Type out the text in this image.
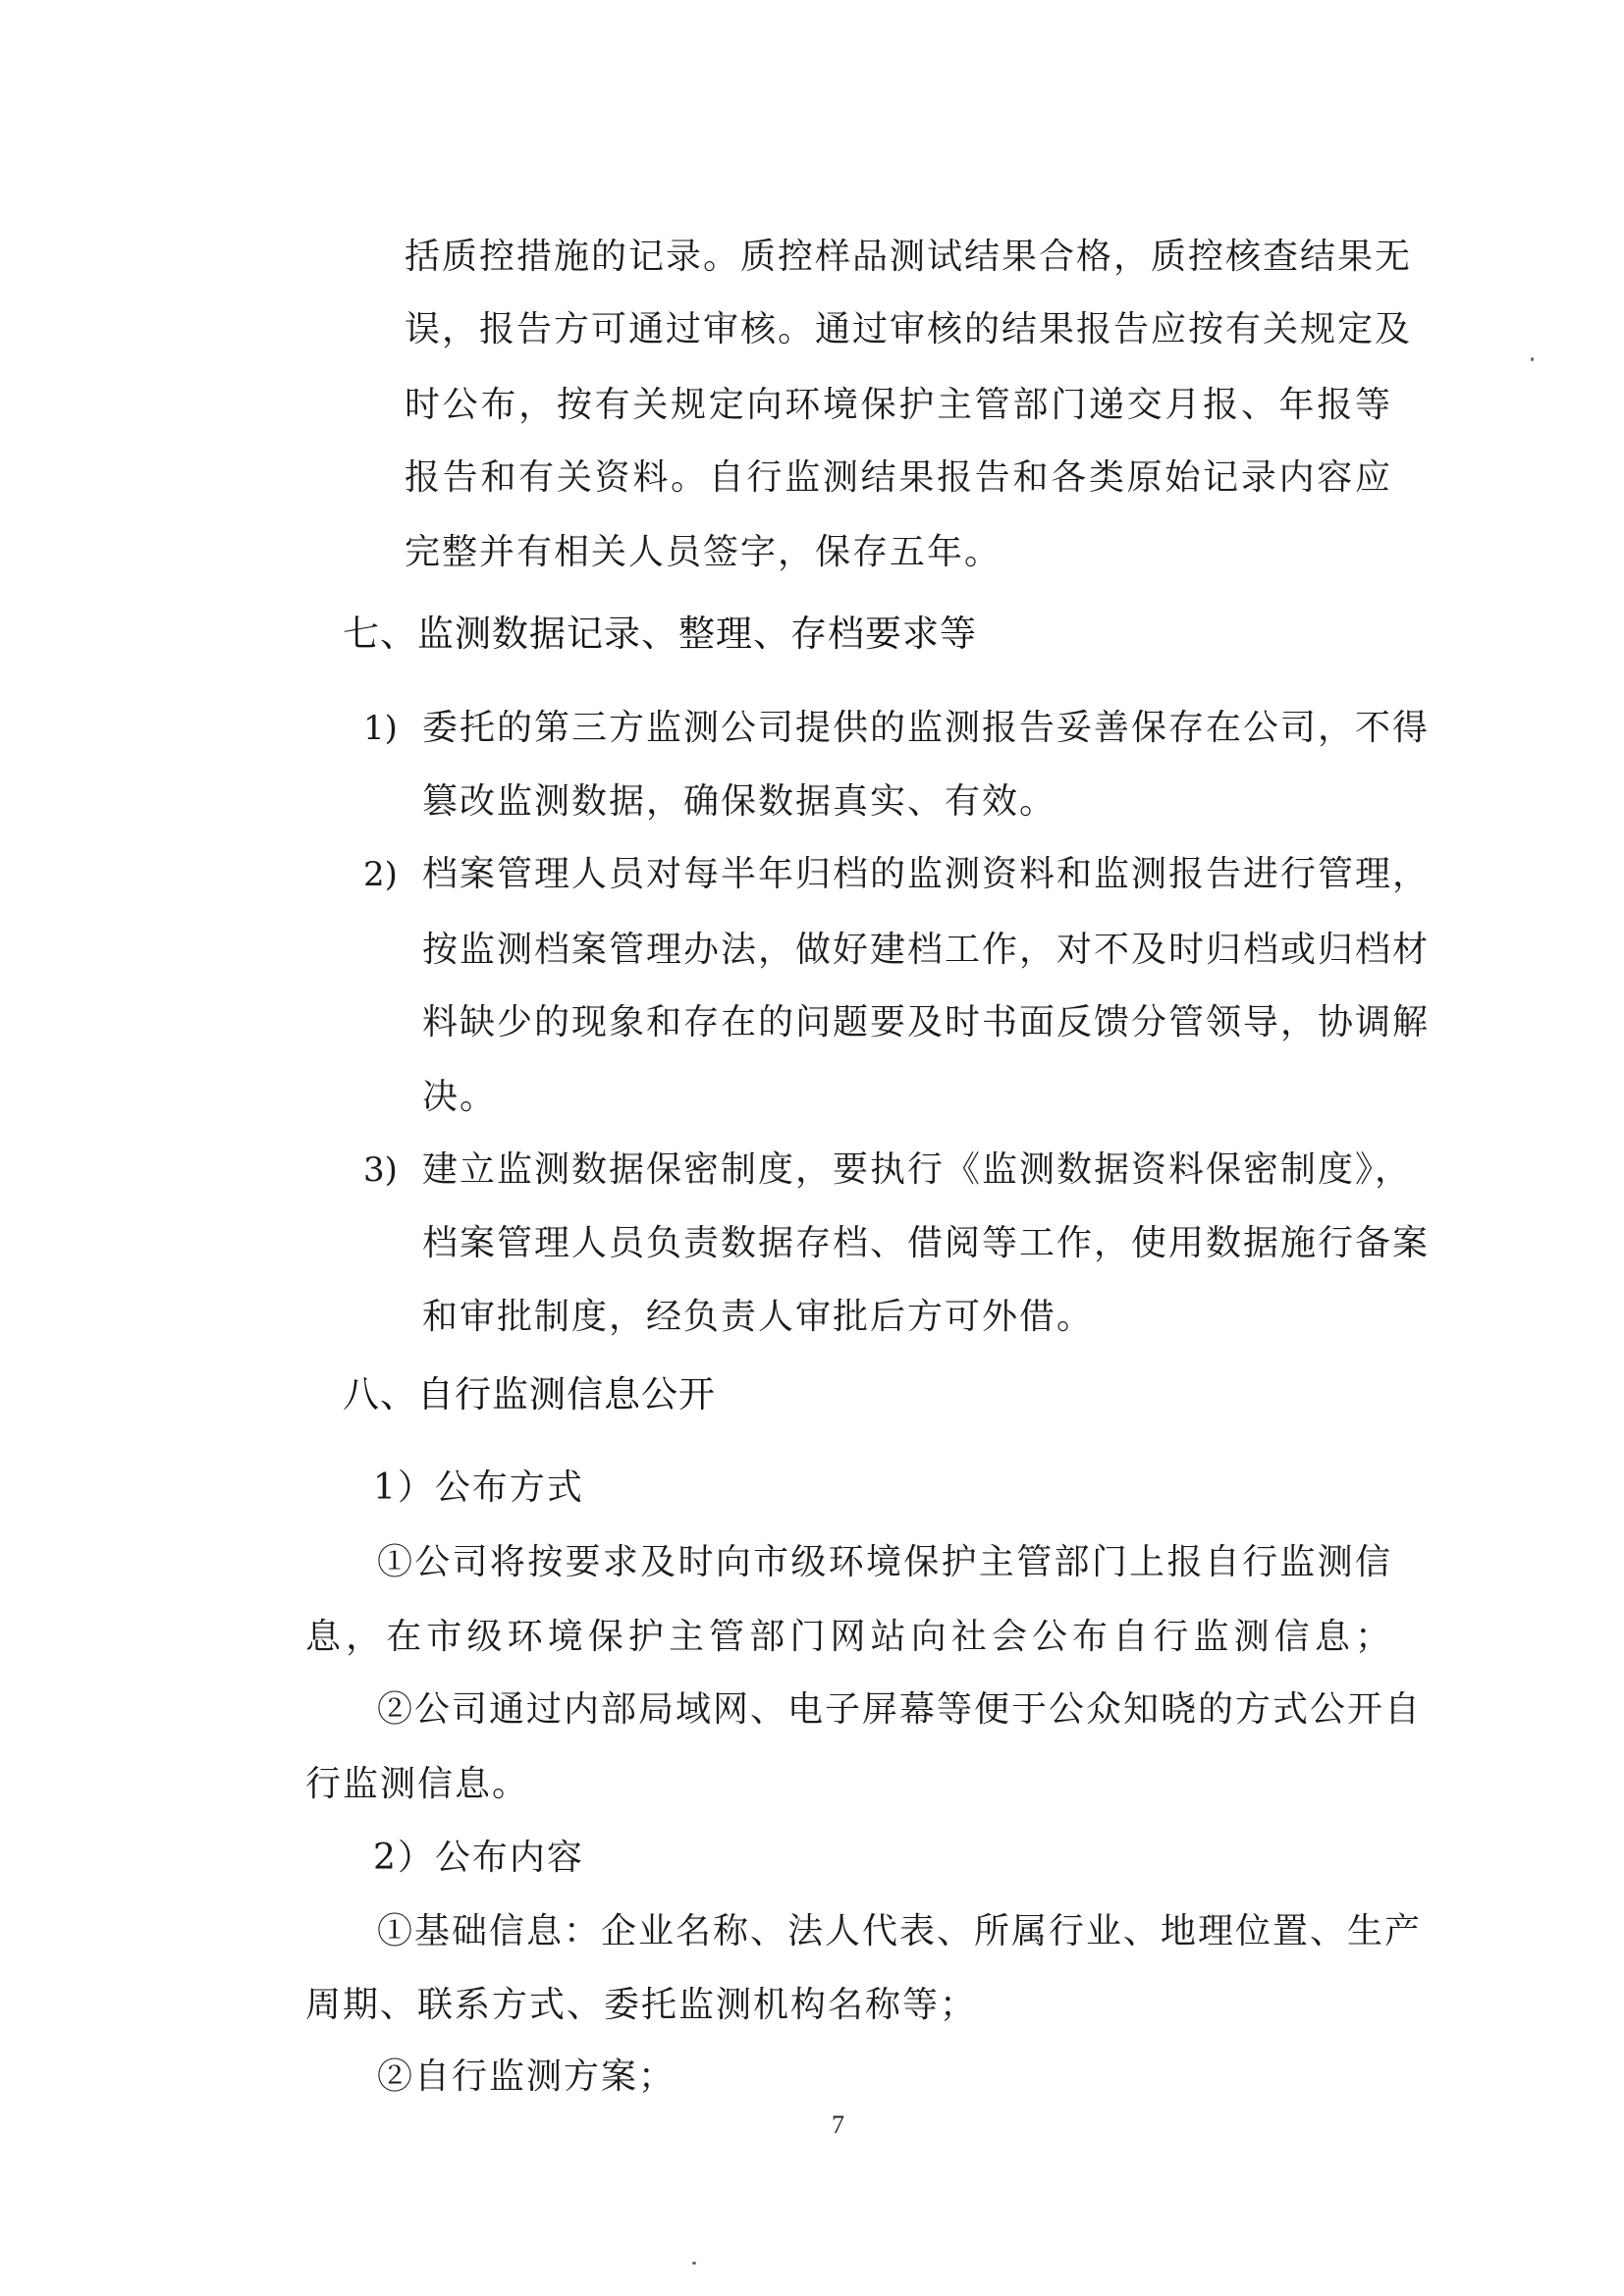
括质控措施的记录。质控样品测试结果合格，质控核查结果无
误，报告方可通过审核。通过审核的结果报告应按有关规定及
时公布，按有关规定向环境保护主管部门递交月报、年报等
报告和有关资料。自行监测结果报告和各类原始记录内容应
完整并有相关人员签字，保存五年。
七、监测数据记录、整理、存档要求等
1) 委托的第三方监测公司提供的监测报告妥善保存在公司，不得
篡改监测数据，确保数据真实、有效。
2) 档案管理人员对每半年归档的监测资料和监测报告进行管理，
按监测档案管理办法，做好建档工作，对不及时归档或归档材
料缺少的现象和存在的问题要及时书面反馈分管领导，协调解
决。
3) 建立监测数据保密制度，要执行《监测数据资料保密制度》，
档案管理人员负责数据存档、借阅等工作，使用数据施行备案
和审批制度，经负责人审批后方可外借。
八、自行监测信息公开
1）公布方式
①公司将按要求及时向市级环境保护主管部门上报自行监测信
息，在市级环境保护主管部门网站向社会公布自行监测信息；
②公司通过内部局域网、电子屏幕等便于公众知晓的方式公开自
行监测信息。
2）公布内容
①基础信息：企业名称、法人代表、所属行业、地理位置、生产
周期、联系方式、委托监测机构名称等；
②自行监测方案；
7
